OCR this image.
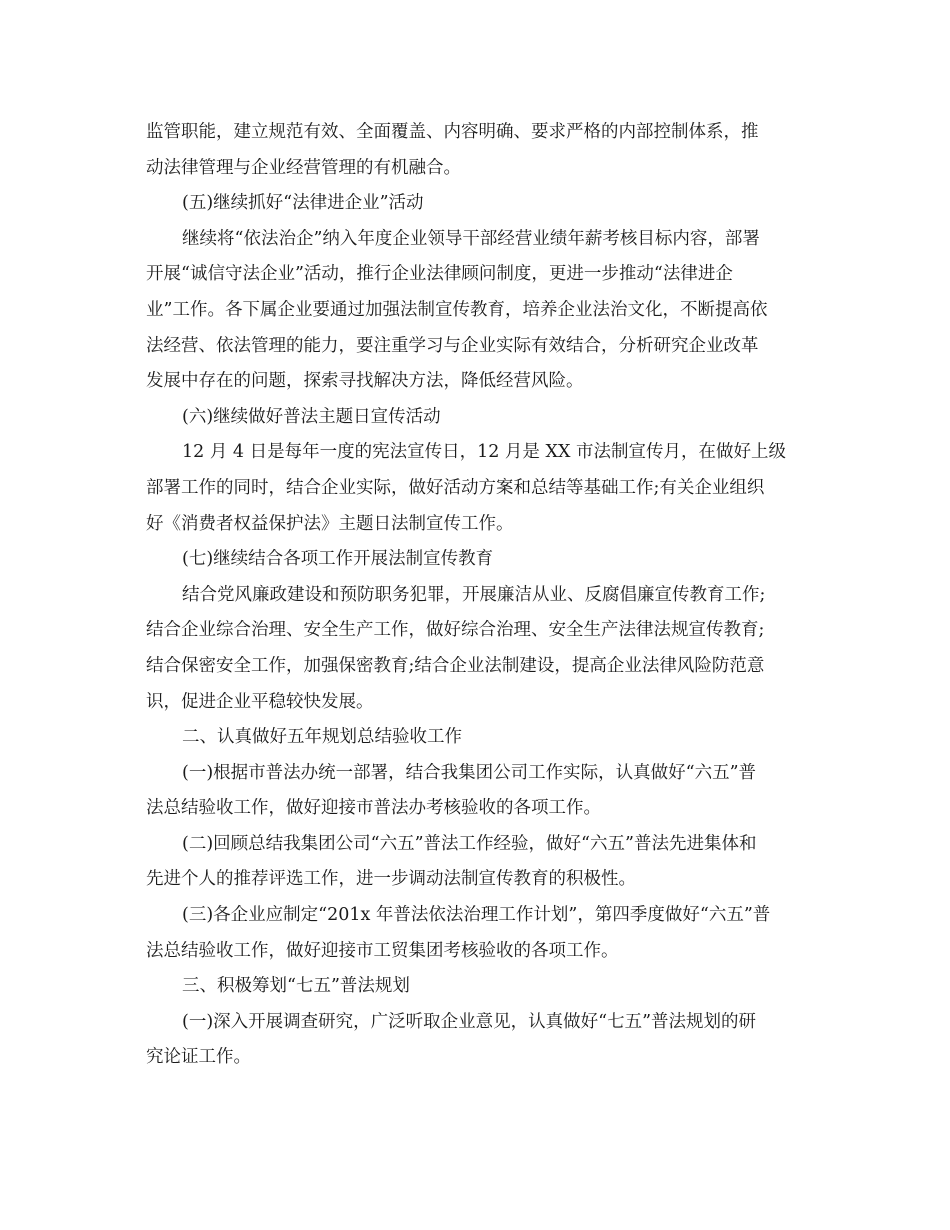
监管职能，建立规范有效、全面覆盖、内容明确、要求严格的内部控制体系，推
动法律管理与企业经营管理的有机融合。
(五)继续抓好“法律进企业”活动
继续将“依法治企”纳入年度企业领导干部经营业绩年薪考核目标内容，部署
开展“诚信守法企业”活动，推行企业法律顾问制度，更进一步推动“法律进企
业”工作。各下属企业要通过加强法制宣传教育，培养企业法治文化，不断提高依
法经营、依法管理的能力，要注重学习与企业实际有效结合，分析研究企业改革
发展中存在的问题，探索寻找解决方法，降低经营风险。
(六)继续做好普法主题日宣传活动
12 月 4 日是每年一度的宪法宣传日，12 月是 XX 市法制宣传月，在做好上级
部署工作的同时，结合企业实际，做好活动方案和总结等基础工作;有关企业组织
好《消费者权益保护法》主题日法制宣传工作。
(七)继续结合各项工作开展法制宣传教育
结合党风廉政建设和预防职务犯罪，开展廉洁从业、反腐倡廉宣传教育工作;
结合企业综合治理、安全生产工作，做好综合治理、安全生产法律法规宣传教育;
结合保密安全工作，加强保密教育;结合企业法制建设，提高企业法律风险防范意
识，促进企业平稳较快发展。
二、认真做好五年规划总结验收工作
(一)根据市普法办统一部署，结合我集团公司工作实际，认真做好“六五”普
法总结验收工作，做好迎接市普法办考核验收的各项工作。
(二)回顾总结我集团公司“六五”普法工作经验，做好“六五”普法先进集体和
先进个人的推荐评选工作，进一步调动法制宣传教育的积极性。
(三)各企业应制定“201x 年普法依法治理工作计划”，第四季度做好“六五”普
法总结验收工作，做好迎接市工贸集团考核验收的各项工作。
三、积极筹划“七五”普法规划
(一)深入开展调查研究，广泛听取企业意见，认真做好“七五”普法规划的研
究论证工作。
